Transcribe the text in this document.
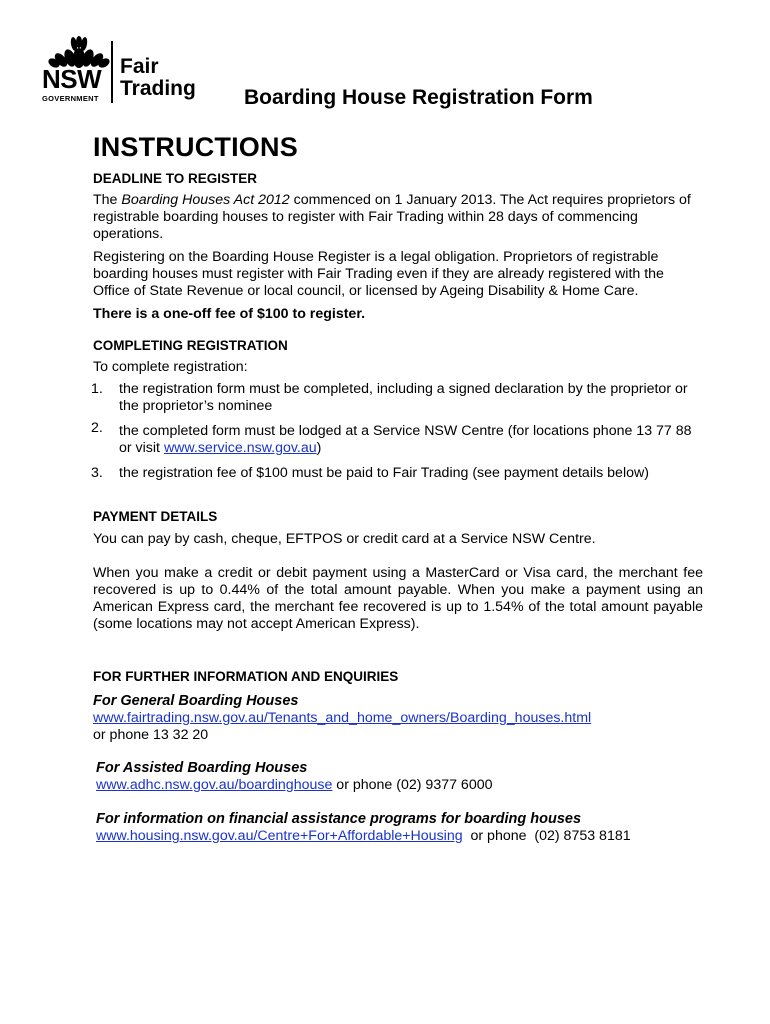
NSW
GOVERNMENT
Fair
Trading Boarding House Registration Form
INSTRUCTIONS

DEADLINE TO REGISTER

The Boarding Houses Act 2012 commenced on 1 January 2013. The Act requires proprietors of registrable boarding houses to register with Fair Trading within 28 days of commencing operations.

Registering on the Boarding House Register is a legal obligation. Proprietors of registrable boarding houses must register with Fair Trading even if they are already registered with the Office of State Revenue or local council, or licensed by Ageing Disability & Home Care.

There is a one-off fee of $100 to register.

COMPLETING REGISTRATION

To complete registration:

1. the registration form must be completed, including a signed declaration by the proprietor or the proprietor’s nominee
2. the completed form must be lodged at a Service NSW Centre (for locations phone 13 77 88 or visit www.service.nsw.gov.au)
3. the registration fee of $100 must be paid to Fair Trading (see payment details below)

PAYMENT DETAILS

You can pay by cash, cheque, EFTPOS or credit card at a Service NSW Centre.

When you make a credit or debit payment using a MasterCard or Visa card, the merchant fee recovered is up to 0.44% of the total amount payable. When you make a payment using an American Express card, the merchant fee recovered is up to 1.54% of the total amount payable (some locations may not accept American Express).

FOR FURTHER INFORMATION AND ENQUIRIES

For General Boarding Houses

www.fairtrading.nsw.gov.au/Tenants_and_home_owners/Boarding_houses.html

or phone 13 32 20

For Assisted Boarding Houses

www.adhc.nsw.gov.au/boardinghouse or phone (02) 9377 6000

For information on financial assistance programs for boarding houses

www.housing.nsw.gov.au/Centre+For+Affordable+Housing  or phone  (02) 8753 8181
